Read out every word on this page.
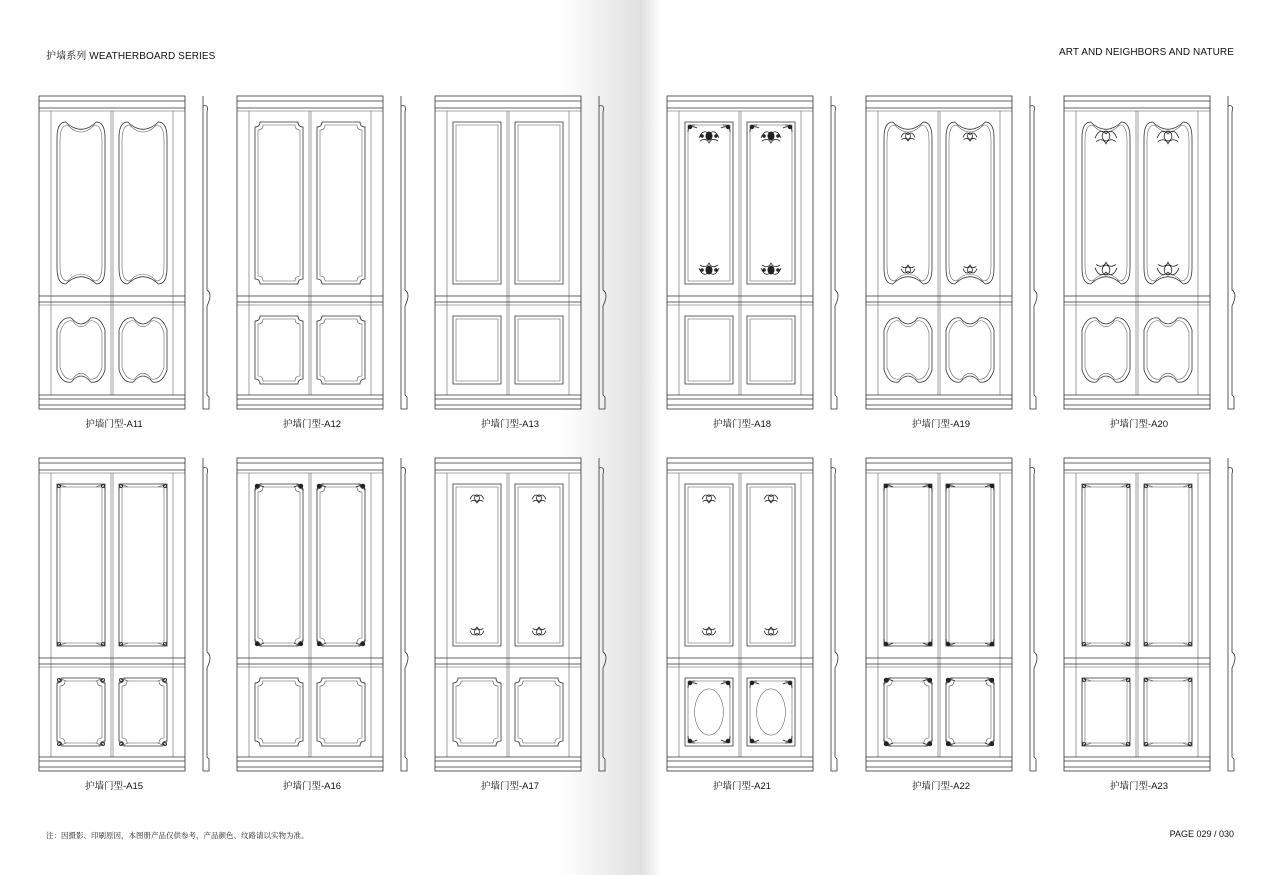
护墙系列 WEATHERBOARD SERIES	ART AND NEIGHBORS AND NATURE
护墙门型-A11	护墙门型-A12	护墙门型-A13	护墙门型-A18	护墙门型-A19	护墙门型-A20
护墙门型-A15	护墙门型-A16	护墙门型-A17	护墙门型-A21	护墙门型-A22	护墙门型-A23
注：因摄影、印刷原因，本图册产品仅供参考，产品颜色、纹路请以实物为准。	PAGE 029 / 030
